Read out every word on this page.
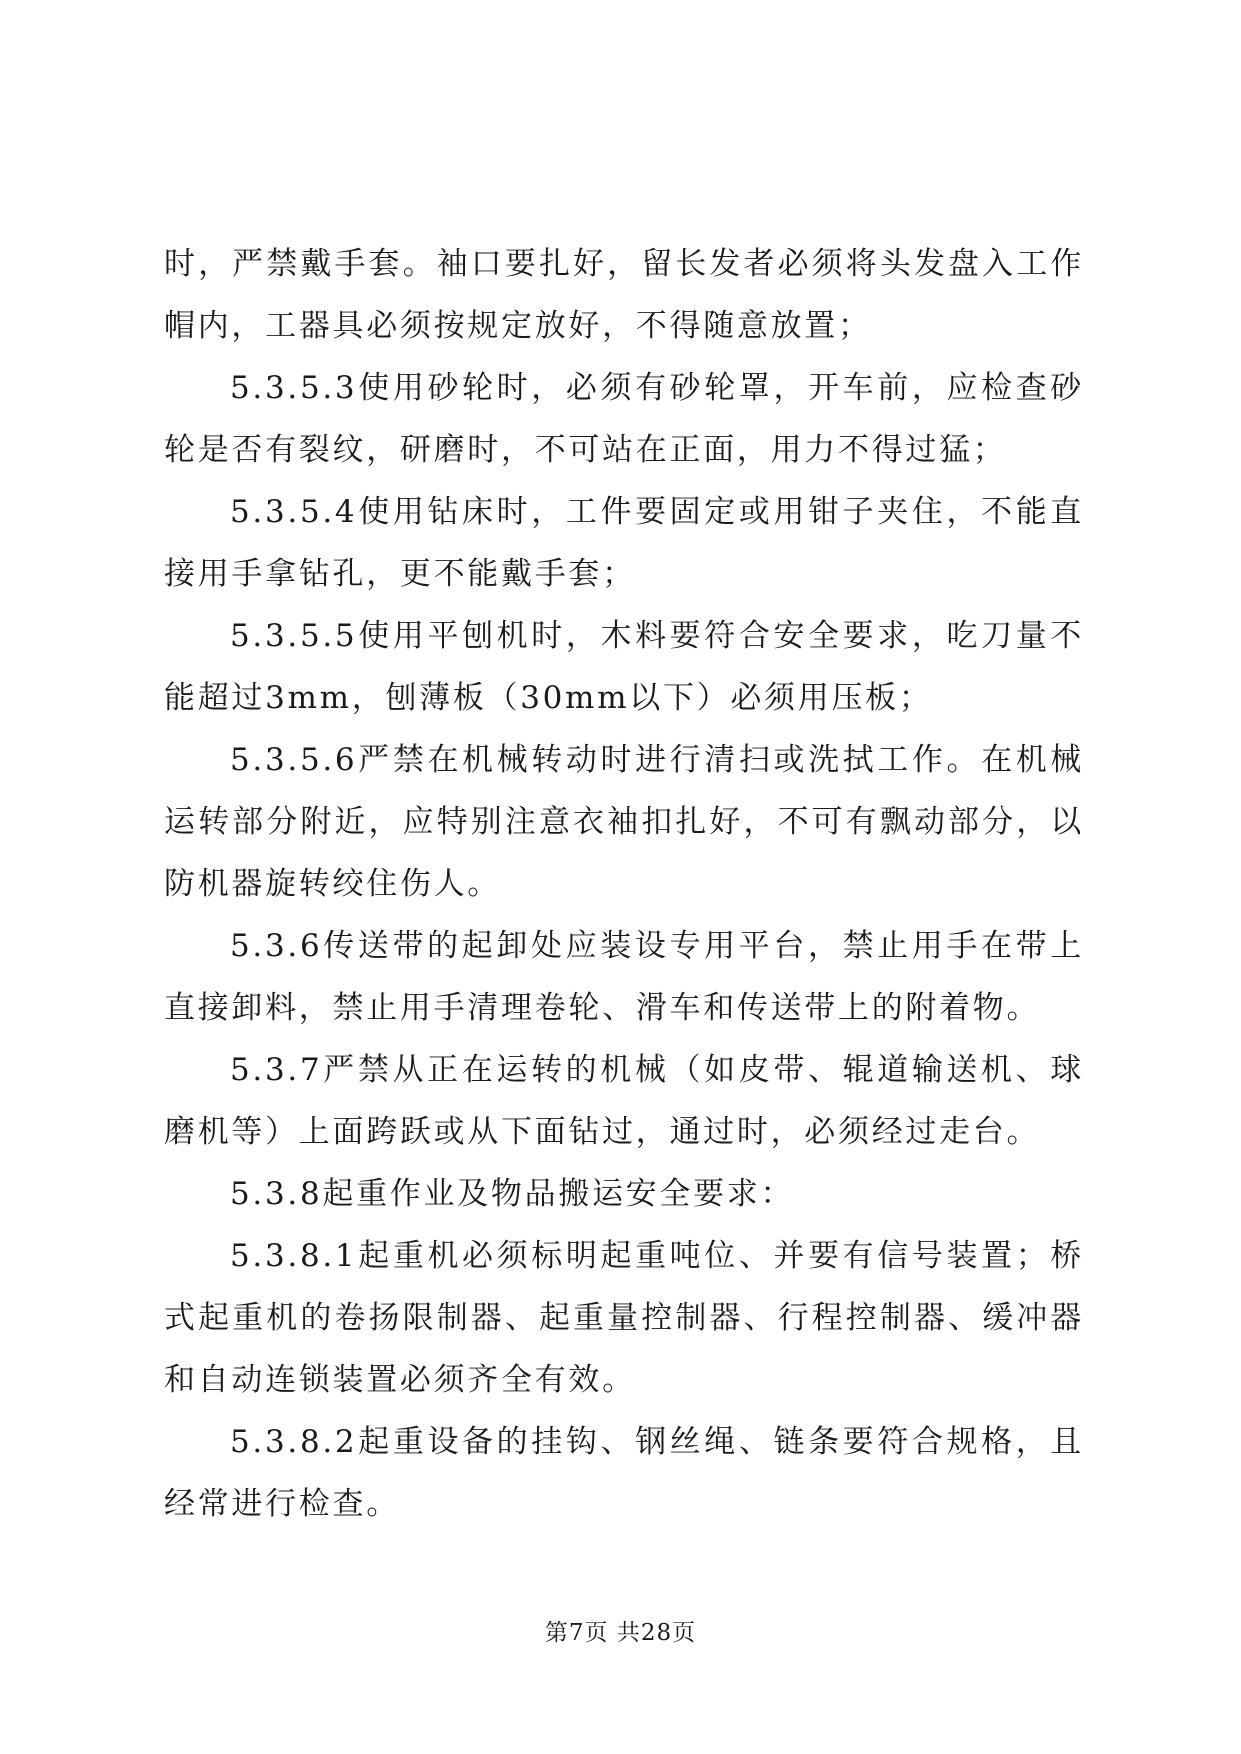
时，严禁戴手套。袖口要扎好，留长发者必须将头发盘入工作帽内，工器具必须按规定放好，不得随意放置；

5.3.5.3使用砂轮时，必须有砂轮罩，开车前，应检查砂轮是否有裂纹，研磨时，不可站在正面，用力不得过猛；

5.3.5.4使用钻床时，工件要固定或用钳子夹住，不能直接用手拿钻孔，更不能戴手套；

5.3.5.5使用平刨机时，木料要符合安全要求，吃刀量不能超过3mm，刨薄板（30mm以下）必须用压板；

5.3.5.6严禁在机械转动时进行清扫或洗拭工作。在机械运转部分附近，应特别注意衣袖扣扎好，不可有飘动部分，以防机器旋转绞住伤人。

5.3.6传送带的起卸处应装设专用平台，禁止用手在带上直接卸料，禁止用手清理卷轮、滑车和传送带上的附着物。

5.3.7严禁从正在运转的机械（如皮带、辊道输送机、球磨机等）上面跨跃或从下面钻过，通过时，必须经过走台。

5.3.8起重作业及物品搬运安全要求：

5.3.8.1起重机必须标明起重吨位、并要有信号装置；桥式起重机的卷扬限制器、起重量控制器、行程控制器、缓冲器和自动连锁装置必须齐全有效。

5.3.8.2起重设备的挂钩、钢丝绳、链条要符合规格，且经常进行检查。

第7页 共28页
